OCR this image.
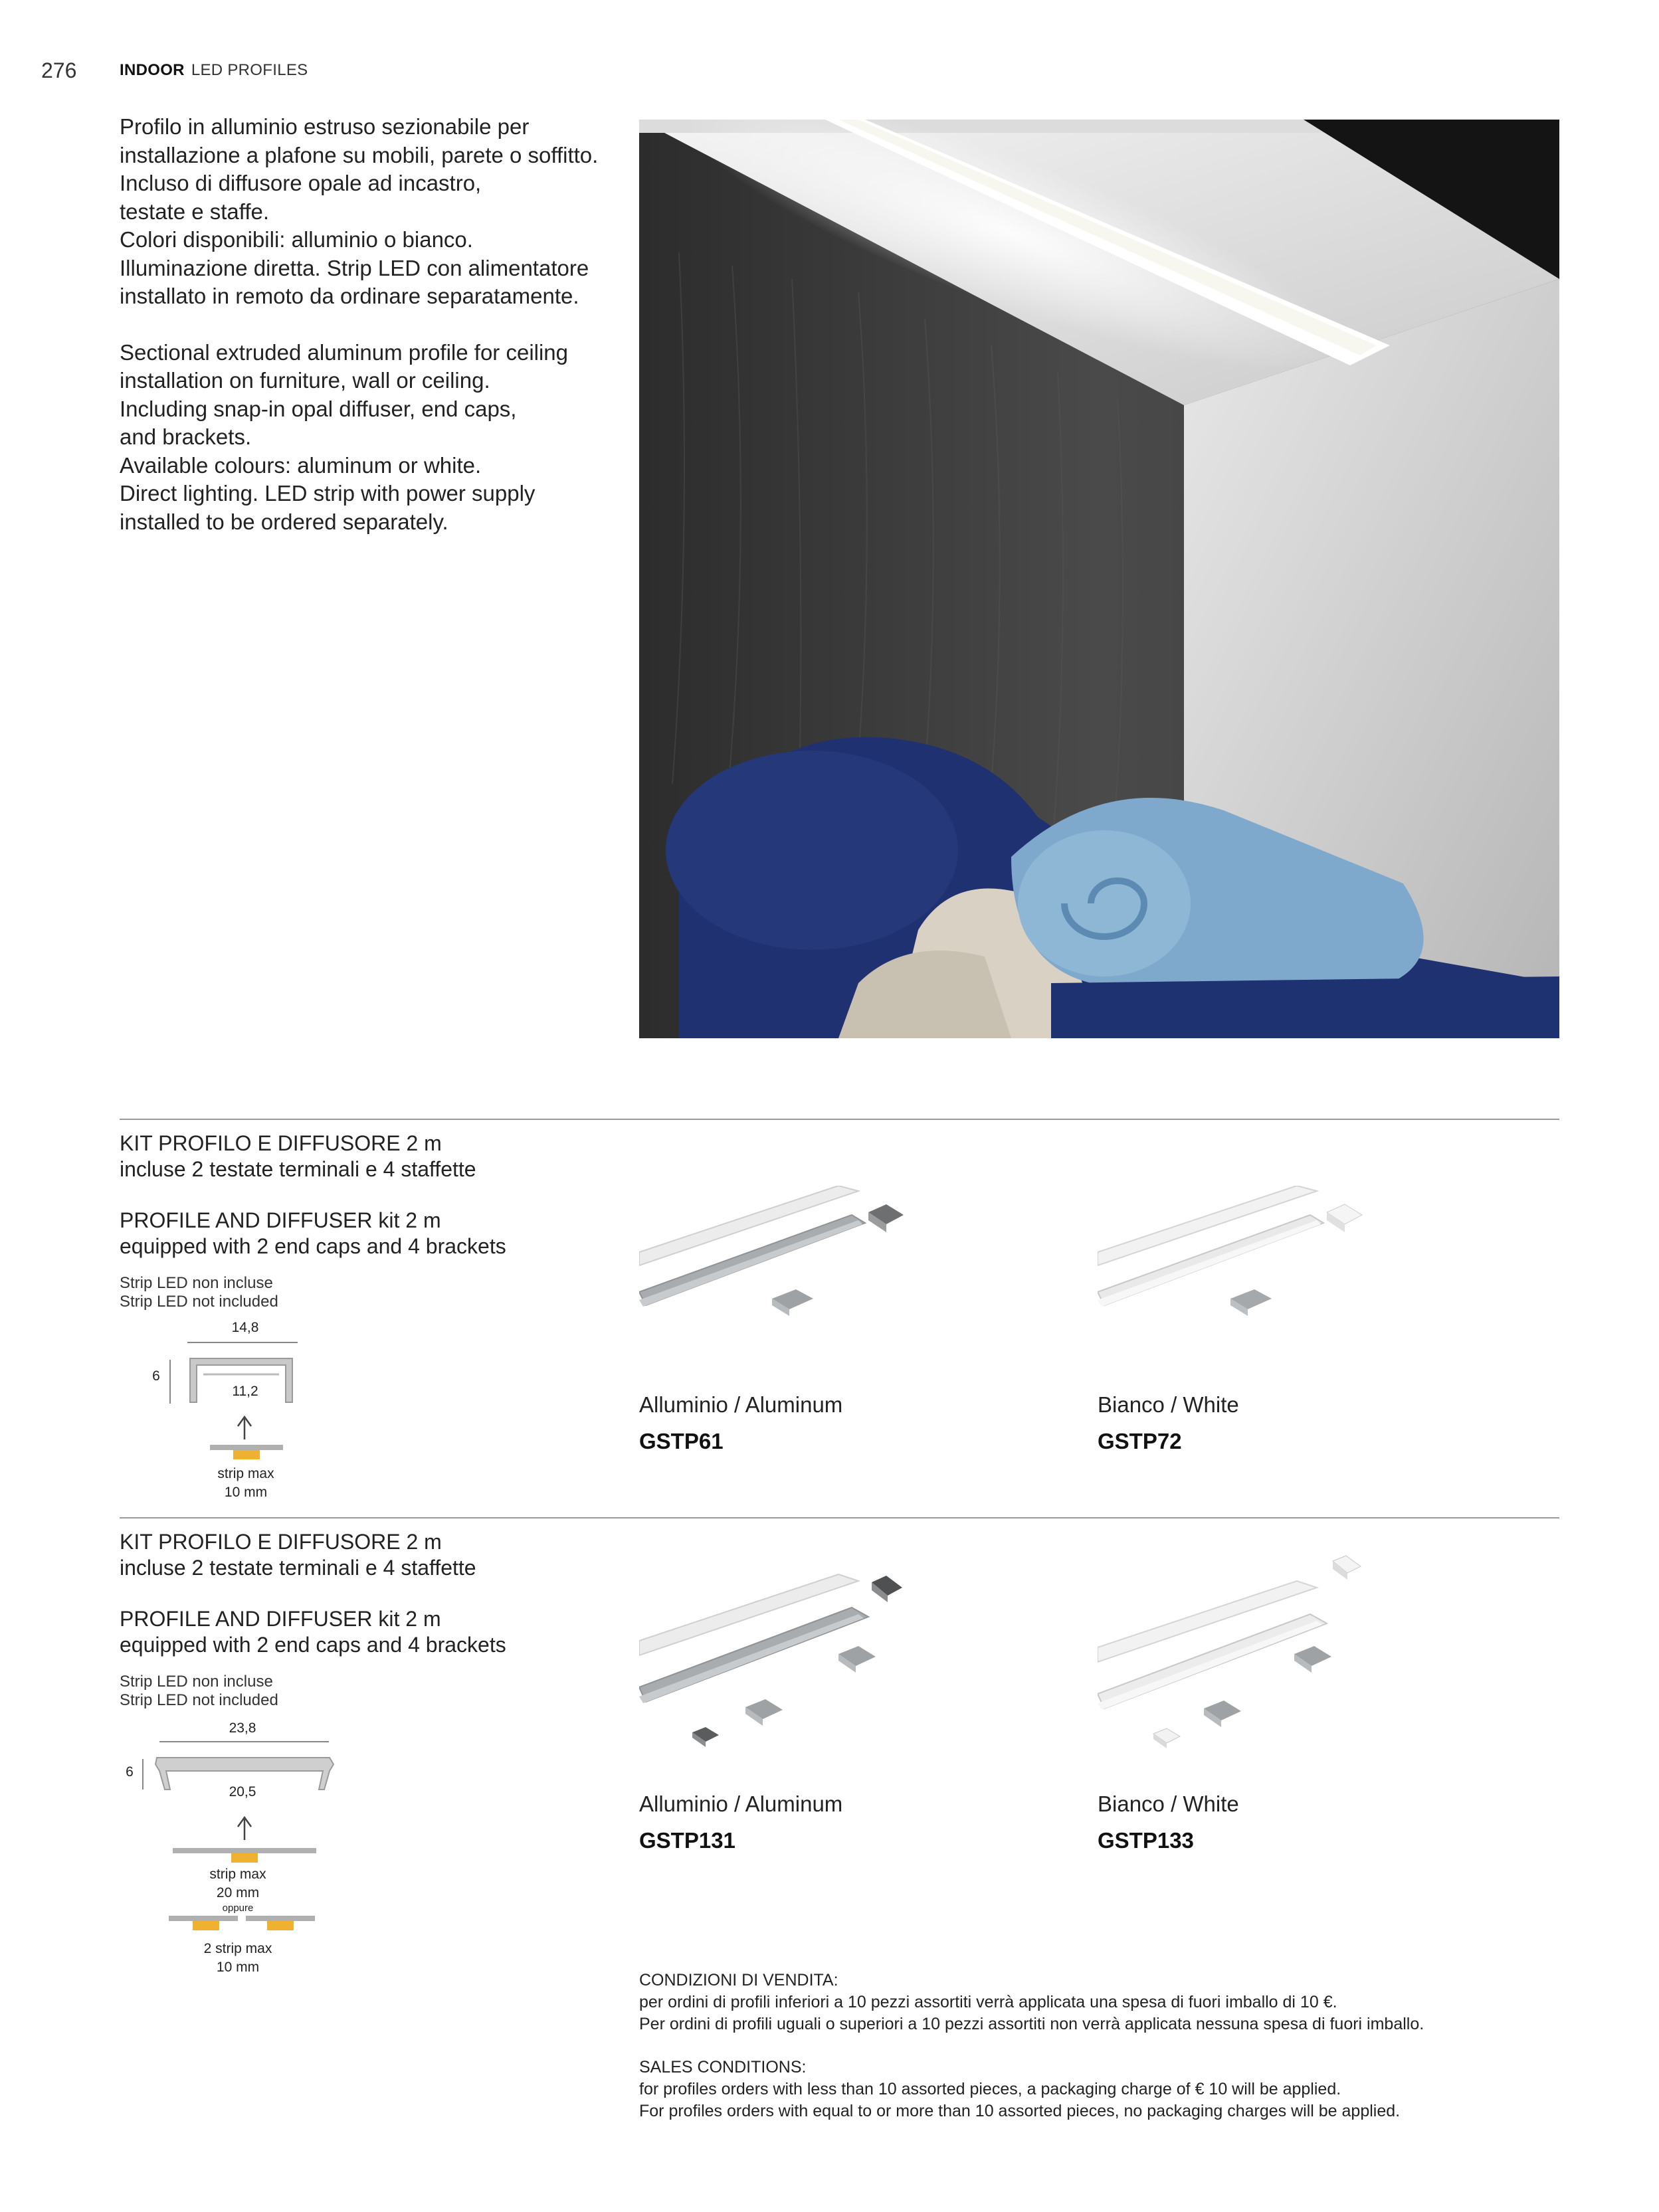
276	INDOOR LED PROFILES

Profilo in alluminio estruso sezionabile per

installazione a plafone su mobili, parete o soffitto.

Incluso di diffusore opale ad incastro,

testate e staffe.

Colori disponibili: alluminio o bianco.

Illuminazione diretta. Strip LED con alimentatore

installato in remoto da ordinare separatamente.

Sectional extruded aluminum profile for ceiling

installation on furniture, wall or ceiling.

Including snap-in opal diffuser, end caps,

and brackets.

Available colours: aluminum or white.

Direct lighting. LED strip with power supply

installed to be ordered separately.

KIT PROFILO E DIFFUSORE 2 m

incluse 2 testate terminali e 4 staffette

PROFILE AND DIFFUSER kit 2 m

equipped with 2 end caps and 4 brackets

Strip LED non incluse

Strip LED not included

14,8
6
11,2
strip max
10 mm
Alluminio / Aluminum
GSTP61
Bianco / White
GSTP72

KIT PROFILO E DIFFUSORE 2 m

incluse 2 testate terminali e 4 staffette

PROFILE AND DIFFUSER kit 2 m

equipped with 2 end caps and 4 brackets

Strip LED non incluse

Strip LED not included

23,8
6
20,5
strip max
20 mm
oppure
2 strip max
10 mm
Alluminio / Aluminum
GSTP131
Bianco / White
GSTP133

CONDIZIONI DI VENDITA:

per ordini di profili inferiori a 10 pezzi assortiti verrà applicata una spesa di fuori imballo di 10 €.

Per ordini di profili uguali o superiori a 10 pezzi assortiti non verrà applicata nessuna spesa di fuori imballo.

SALES CONDITIONS:

for profiles orders with less than 10 assorted pieces, a packaging charge of € 10 will be applied.

For profiles orders with equal to or more than 10 assorted pieces, no packaging charges will be applied.
